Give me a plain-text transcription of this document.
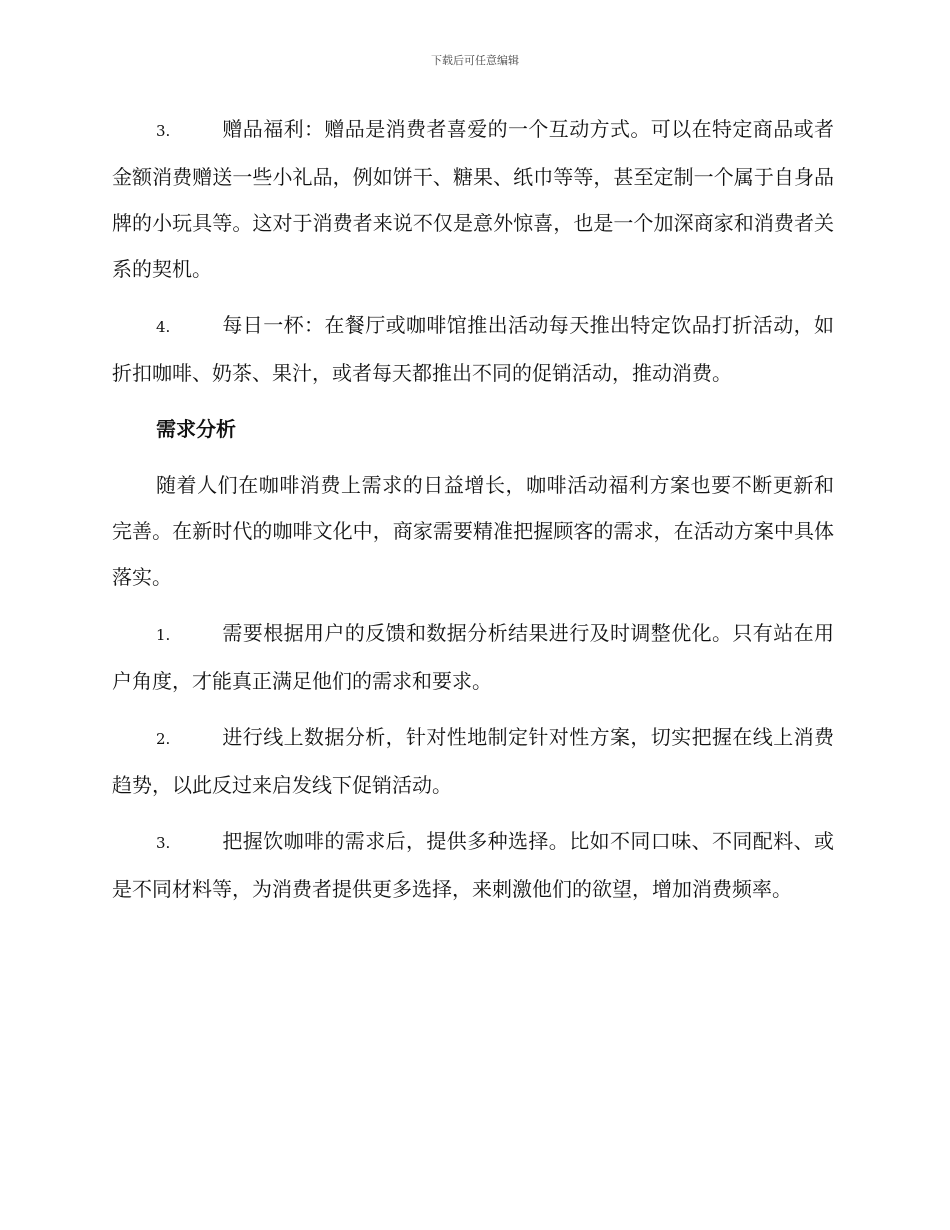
下载后可任意编辑

3.	赠品福利：赠品是消费者喜爱的一个互动方式。可以在特定商品或者金额消费赠送一些小礼品，例如饼干、糖果、纸巾等等，甚至定制一个属于自身品牌的小玩具等。这对于消费者来说不仅是意外惊喜，也是一个加深商家和消费者关系的契机。

4.	每日一杯：在餐厅或咖啡馆推出活动每天推出特定饮品打折活动，如折扣咖啡、奶茶、果汁，或者每天都推出不同的促销活动，推动消费。

需求分析

随着人们在咖啡消费上需求的日益增长，咖啡活动福利方案也要不断更新和完善。在新时代的咖啡文化中，商家需要精准把握顾客的需求，在活动方案中具体落实。

1.	需要根据用户的反馈和数据分析结果进行及时调整优化。只有站在用户角度，才能真正满足他们的需求和要求。

2.	进行线上数据分析，针对性地制定针对性方案，切实把握在线上消费趋势，以此反过来启发线下促销活动。

3.	把握饮咖啡的需求后，提供多种选择。比如不同口味、不同配料、或是不同材料等，为消费者提供更多选择，来刺激他们的欲望，增加消费频率。
